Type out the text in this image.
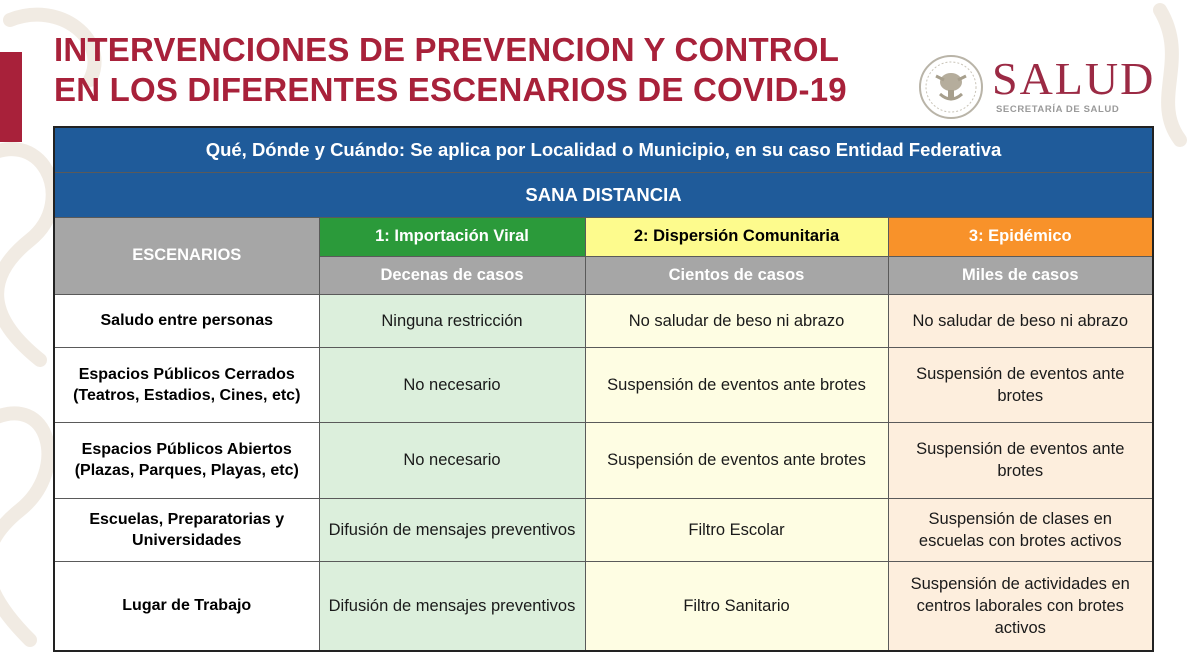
INTERVENCIONES DE PREVENCION Y CONTROL
EN LOS DIFERENTES ESCENARIOS DE COVID-19	SALUD
SECRETARÍA DE SALUD
Qué, Dónde y Cuándo: Se aplica por Localidad o Municipio, en su caso Entidad Federativa			
SANA DISTANCIA			
ESCENARIOS	1: Importación Viral	2: Dispersión Comunitaria	3: Epidémico
	Decenas de casos	Cientos de casos	Miles de casos
Saludo entre personas	Ninguna restricción	No saludar de beso ni abrazo	No saludar de beso ni abrazo
Espacios Públicos Cerrados (Teatros, Estadios, Cines, etc)	No necesario	Suspensión de eventos ante brotes	Suspensión de eventos ante brotes
Espacios Públicos Abiertos (Plazas, Parques, Playas, etc)	No necesario	Suspensión de eventos ante brotes	Suspensión de eventos ante brotes
Escuelas, Preparatorias y Universidades	Difusión de mensajes preventivos	Filtro Escolar	Suspensión de clases en escuelas con brotes activos
Lugar de Trabajo	Difusión de mensajes preventivos	Filtro Sanitario	Suspensión de actividades en centros laborales con brotes activos
